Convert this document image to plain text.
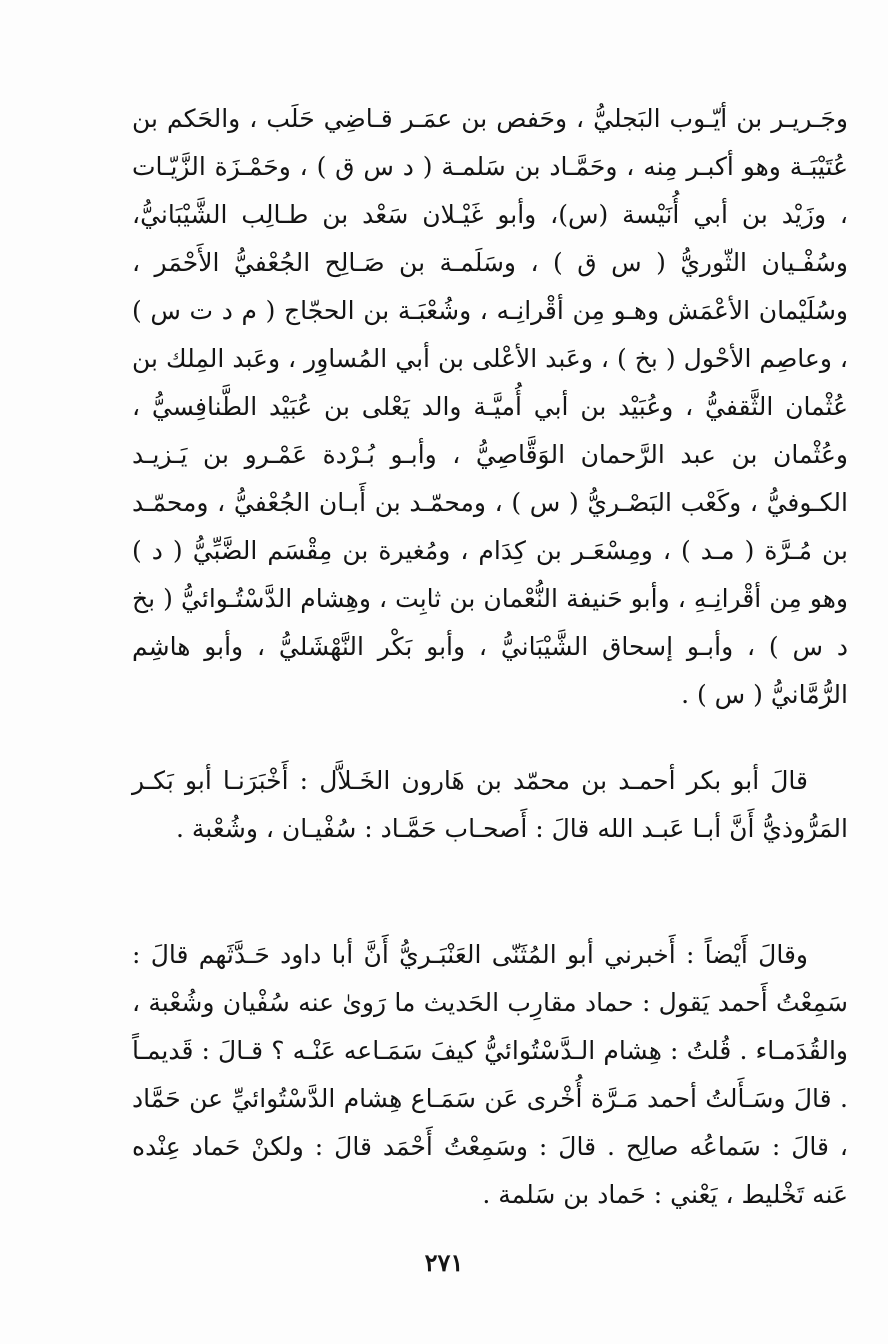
وجَـريـر بن أيّـوب البَجليُّ ، وحَفص بن عمَـر قـاضِي حَلَب ، والحَكم بن عُتَيْبَـة وهو أكبـر مِنه ، وحَمَّـاد بن سَلمـة ( د س ق ) ، وحَمْـزَة الزَّيّـات ، وزَيْد بن أبي أُنَيْسة (س)، وأبو غَيْـلان سَعْد بن طـالِب الشَّيْبَانيُّ، وسُفْـيان الثّوريُّ ( س ق ) ، وسَلَمـة بن صَـالِح الجُعْفيُّ الأَحْمَر ، وسُلَيْمان الأعْمَش وهـو مِن أقْرانِـه ، وشُعْبَـة بن الحجّاج ( م د ت س ) ، وعاصِم الأحْول ( بخ ) ، وعَبد الأعْلى بن أبي المُساوِر ، وعَبد المِلك بن عُثْمان الثَّقفيُّ ، وعُبَيْد بن أبي أُميَّـة والد يَعْلى بن عُبَيْد الطَّنافِسيُّ ، وعُثْمان بن عبد الرَّحمان الوَقَّاصِيُّ ، وأبـو بُـرْدة عَمْـرو بن يَـزيـد الكـوفيُّ ، وكَعْب البَصْـريُّ ( س ) ، ومحمّـد بن أَبـان الجُعْفيُّ ، ومحمّـد بن مُـرَّة ( مـد ) ، ومِسْعَـر بن كِدَام ، ومُغيرة بن مِقْسَم الضَّبِّيُّ ( د ) وهو مِن أقْرانِـهِ ، وأبو حَنيفة النُّعْمان بن ثابِت ، وهِشام الدَّسْتُـوائيُّ ( بخ د س ) ، وأبـو إسحاق الشَّيْبَانيُّ ، وأبو بَكْر النَّهْشَليُّ ، وأبو هاشِم الرُّمَّانيُّ ( س ) .

قالَ أبو بكر أحمـد بن محمّد بن هَارون الخَـلاَّل : أَخْبَرَنـا أبو بَكـر المَرُّوذيُّ أَنَّ أبـا عَبـد الله قالَ : أَصحـاب حَمَّـاد : سُفْيـان ، وشُعْبة .

وقالَ أَيْضاً : أَخبرني أبو المُثَنّى العَنْبَـريُّ أَنَّ أبا داود حَـدَّثَهم قالَ : سَمِعْتُ أَحمد يَقول : حماد مقارِب الحَديث ما رَوىٰ عنه سُفْيان وشُعْبة ، والقُدَمـاء . قُلتُ : هِشام الـدَّسْتُوائيُّ كيفَ سَمَـاعه عَنْـه ؟ قـالَ : قَديمـاً . قالَ وسَـأَلتُ أحمد مَـرَّة أُخْرى عَن سَمَـاع هِشام الدَّسْتُوائيِّ عن حَمَّاد ، قالَ : سَماعُه صالِح . قالَ : وسَمِعْتُ أَحْمَد قالَ : ولكنْ حَماد عِنْده عَنه تَخْليط ، يَعْني : حَماد بن سَلمة .

٢٧١
